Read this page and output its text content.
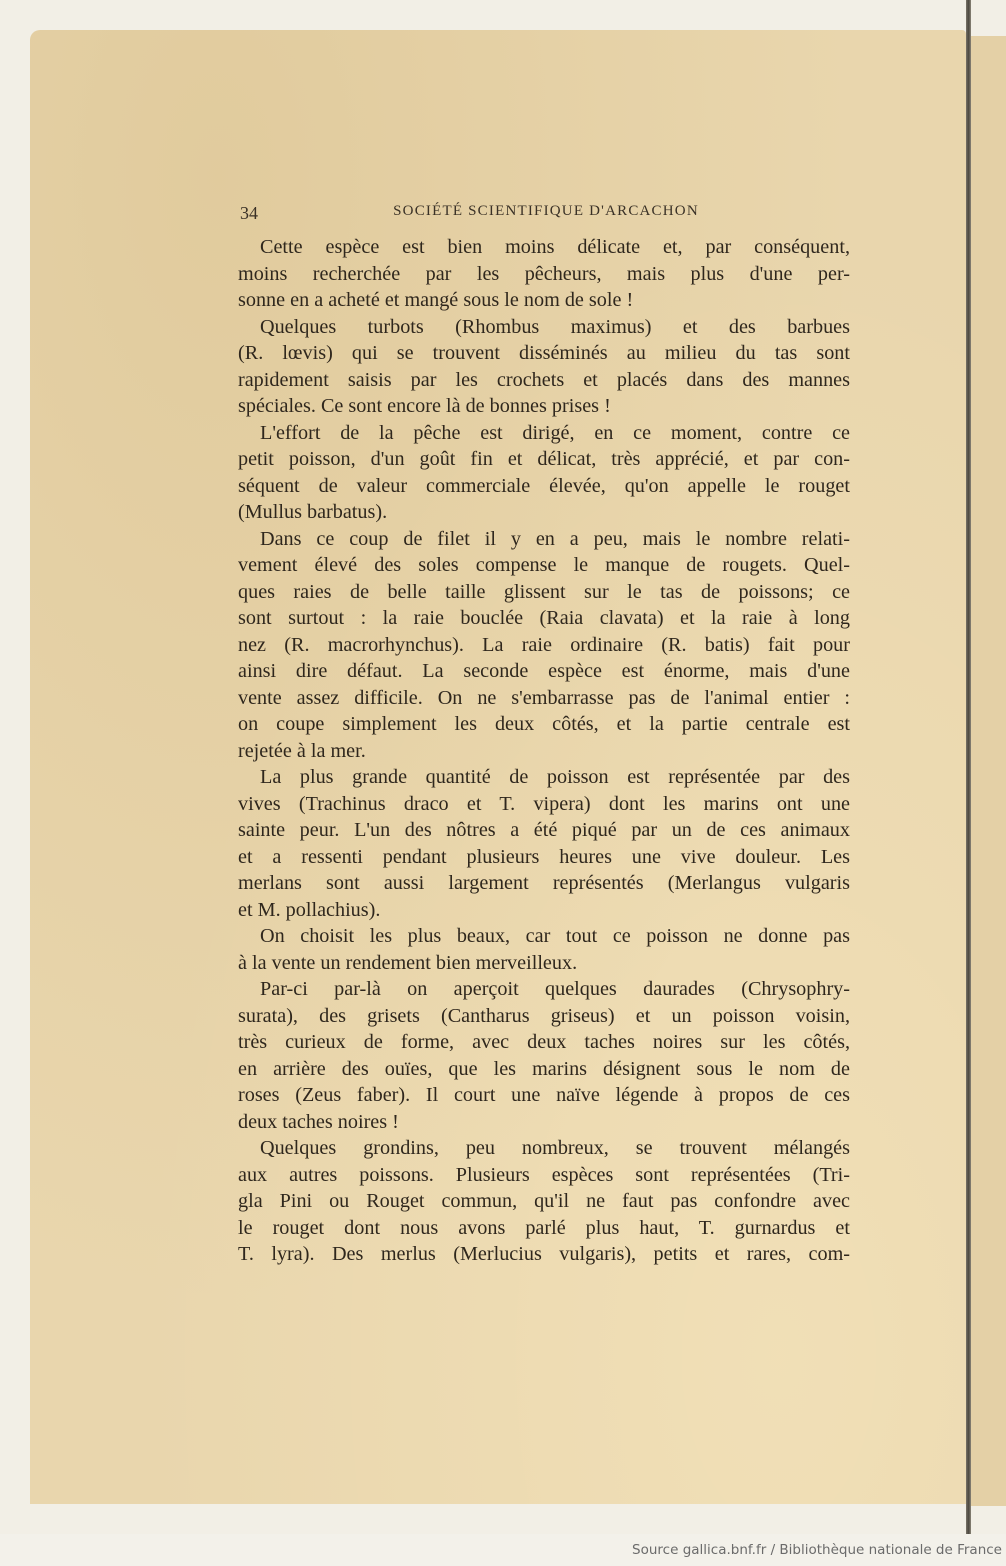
34	SOCIÉTÉ SCIENTIFIQUE D'ARCACHON
Cette espèce est bien moins délicate et, par conséquent,
moins recherchée par les pêcheurs, mais plus d'une per-
sonne en a acheté et mangé sous le nom de sole !
Quelques turbots (Rhombus maximus) et des barbues
(R. lœvis) qui se trouvent disséminés au milieu du tas sont
rapidement saisis par les crochets et placés dans des mannes
spéciales. Ce sont encore là de bonnes prises !
L'effort de la pêche est dirigé, en ce moment, contre ce
petit poisson, d'un goût fin et délicat, très apprécié, et par con-
séquent de valeur commerciale élevée, qu'on appelle le rouget
(Mullus barbatus).
Dans ce coup de filet il y en a peu, mais le nombre relati-
vement élevé des soles compense le manque de rougets. Quel-
ques raies de belle taille glissent sur le tas de poissons; ce
sont surtout : la raie bouclée (Raia clavata) et la raie à long
nez (R. macrorhynchus). La raie ordinaire (R. batis) fait pour
ainsi dire défaut. La seconde espèce est énorme, mais d'une
vente assez difficile. On ne s'embarrasse pas de l'animal entier :
on coupe simplement les deux côtés, et la partie centrale est
rejetée à la mer.
La plus grande quantité de poisson est représentée par des
vives (Trachinus draco et T. vipera) dont les marins ont une
sainte peur. L'un des nôtres a été piqué par un de ces animaux
et a ressenti pendant plusieurs heures une vive douleur. Les
merlans sont aussi largement représentés (Merlangus vulgaris
et M. pollachius).
On choisit les plus beaux, car tout ce poisson ne donne pas
à la vente un rendement bien merveilleux.
Par-ci par-là on aperçoit quelques daurades (Chrysophry-
surata), des grisets (Cantharus griseus) et un poisson voisin,
très curieux de forme, avec deux taches noires sur les côtés,
en arrière des ouïes, que les marins désignent sous le nom de
roses (Zeus faber). Il court une naïve légende à propos de ces
deux taches noires !
Quelques grondins, peu nombreux, se trouvent mélangés
aux autres poissons. Plusieurs espèces sont représentées (Tri-
gla Pini ou Rouget commun, qu'il ne faut pas confondre avec
le rouget dont nous avons parlé plus haut, T. gurnardus et
T. lyra). Des merlus (Merlucius vulgaris), petits et rares, com-
Source gallica.bnf.fr / Bibliothèque nationale de France
